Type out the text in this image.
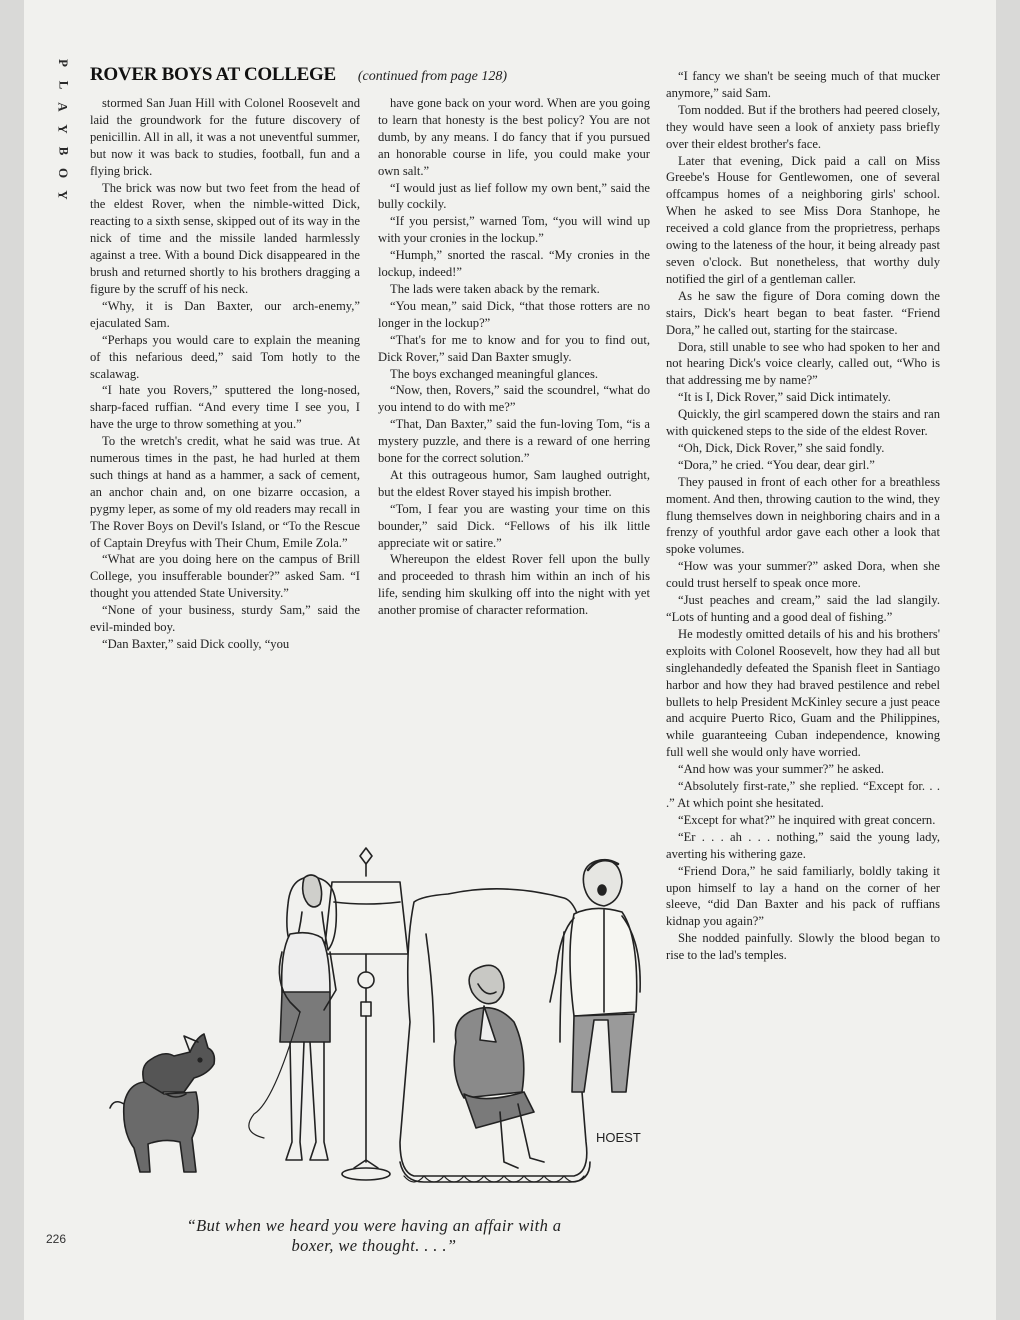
P
L
A
Y
B
O
Y
ROVER BOYS AT COLLEGE (continued from page 128)

stormed San Juan Hill with Colonel Roosevelt and laid the groundwork for the future discovery of penicillin. All in all, it was a not uneventful summer, but now it was back to studies, football, fun and a flying brick.

The brick was now but two feet from the head of the eldest Rover, when the nimble-witted Dick, reacting to a sixth sense, skipped out of its way in the nick of time and the missile landed harmlessly against a tree. With a bound Dick disappeared in the brush and returned shortly to his brothers dragging a figure by the scruff of his neck.

“Why, it is Dan Baxter, our arch-enemy,” ejaculated Sam.

“Perhaps you would care to explain the meaning of this nefarious deed,” said Tom hotly to the scalawag.

“I hate you Rovers,” sputtered the long-nosed, sharp-faced ruffian. “And every time I see you, I have the urge to throw something at you.”

To the wretch's credit, what he said was true. At numerous times in the past, he had hurled at them such things at hand as a hammer, a sack of cement, an anchor chain and, on one bizarre occasion, a pygmy leper, as some of my old readers may recall in The Rover Boys on Devil's Island, or “To the Rescue of Captain Dreyfus with Their Chum, Emile Zola.”

“What are you doing here on the campus of Brill College, you insufferable bounder?” asked Sam. “I thought you attended State University.”

“None of your business, sturdy Sam,” said the evil-minded boy.

“Dan Baxter,” said Dick coolly, “you

have gone back on your word. When are you going to learn that honesty is the best policy? You are not dumb, by any means. I do fancy that if you pursued an honorable course in life, you could make your own salt.”

“I would just as lief follow my own bent,” said the bully cockily.

“If you persist,” warned Tom, “you will wind up with your cronies in the lockup.”

“Humph,” snorted the rascal. “My cronies in the lockup, indeed!”

The lads were taken aback by the remark.

“You mean,” said Dick, “that those rotters are no longer in the lockup?”

“That's for me to know and for you to find out, Dick Rover,” said Dan Baxter smugly.

The boys exchanged meaningful glances.

“Now, then, Rovers,” said the scoundrel, “what do you intend to do with me?”

“That, Dan Baxter,” said the fun-loving Tom, “is a mystery puzzle, and there is a reward of one herring bone for the correct solution.”

At this outrageous humor, Sam laughed outright, but the eldest Rover stayed his impish brother.

“Tom, I fear you are wasting your time on this bounder,” said Dick. “Fellows of his ilk little appreciate wit or satire.”

Whereupon the eldest Rover fell upon the bully and proceeded to thrash him within an inch of his life, sending him skulking off into the night with yet another promise of character reformation.

“I fancy we shan't be seeing much of that mucker anymore,” said Sam.

Tom nodded. But if the brothers had peered closely, they would have seen a look of anxiety pass briefly over their eldest brother's face.

Later that evening, Dick paid a call on Miss Greebe's House for Gentlewomen, one of several offcampus homes of a neighboring girls' school. When he asked to see Miss Dora Stanhope, he received a cold glance from the proprietress, perhaps owing to the lateness of the hour, it being already past seven o'clock. But nonetheless, that worthy duly notified the girl of a gentleman caller.

As he saw the figure of Dora coming down the stairs, Dick's heart began to beat faster. “Friend Dora,” he called out, starting for the staircase.

Dora, still unable to see who had spoken to her and not hearing Dick's voice clearly, called out, “Who is that addressing me by name?”

“It is I, Dick Rover,” said Dick intimately.

Quickly, the girl scampered down the stairs and ran with quickened steps to the side of the eldest Rover.

“Oh, Dick, Dick Rover,” she said fondly.

“Dora,” he cried. “You dear, dear girl.”

They paused in front of each other for a breathless moment. And then, throwing caution to the wind, they flung themselves down in neighboring chairs and in a frenzy of youthful ardor gave each other a look that spoke volumes.

“How was your summer?” asked Dora, when she could trust herself to speak once more.

“Just peaches and cream,” said the lad slangily. “Lots of hunting and a good deal of fishing.”

He modestly omitted details of his and his brothers' exploits with Colonel Roosevelt, how they had all but singlehandedly defeated the Spanish fleet in Santiago harbor and how they had braved pestilence and rebel bullets to help President McKinley secure a just peace and acquire Puerto Rico, Guam and the Philippines, while guaranteeing Cuban independence, knowing full well she would only have worried.

“And how was your summer?” he asked.

“Absolutely first-rate,” she replied. “Except for. . . .” At which point she hesitated.

“Except for what?” he inquired with great concern.

“Er . . . ah . . . nothing,” said the young lady, averting his withering gaze.

“Friend Dora,” he said familiarly, boldly taking it upon himself to lay a hand on the corner of her sleeve, “did Dan Baxter and his pack of ruffians kidnap you again?”

She nodded painfully. Slowly the blood began to rise to the lad's temples.

HOEST
“But when we heard you were having an affair with a boxer, we thought. . . .”
226
